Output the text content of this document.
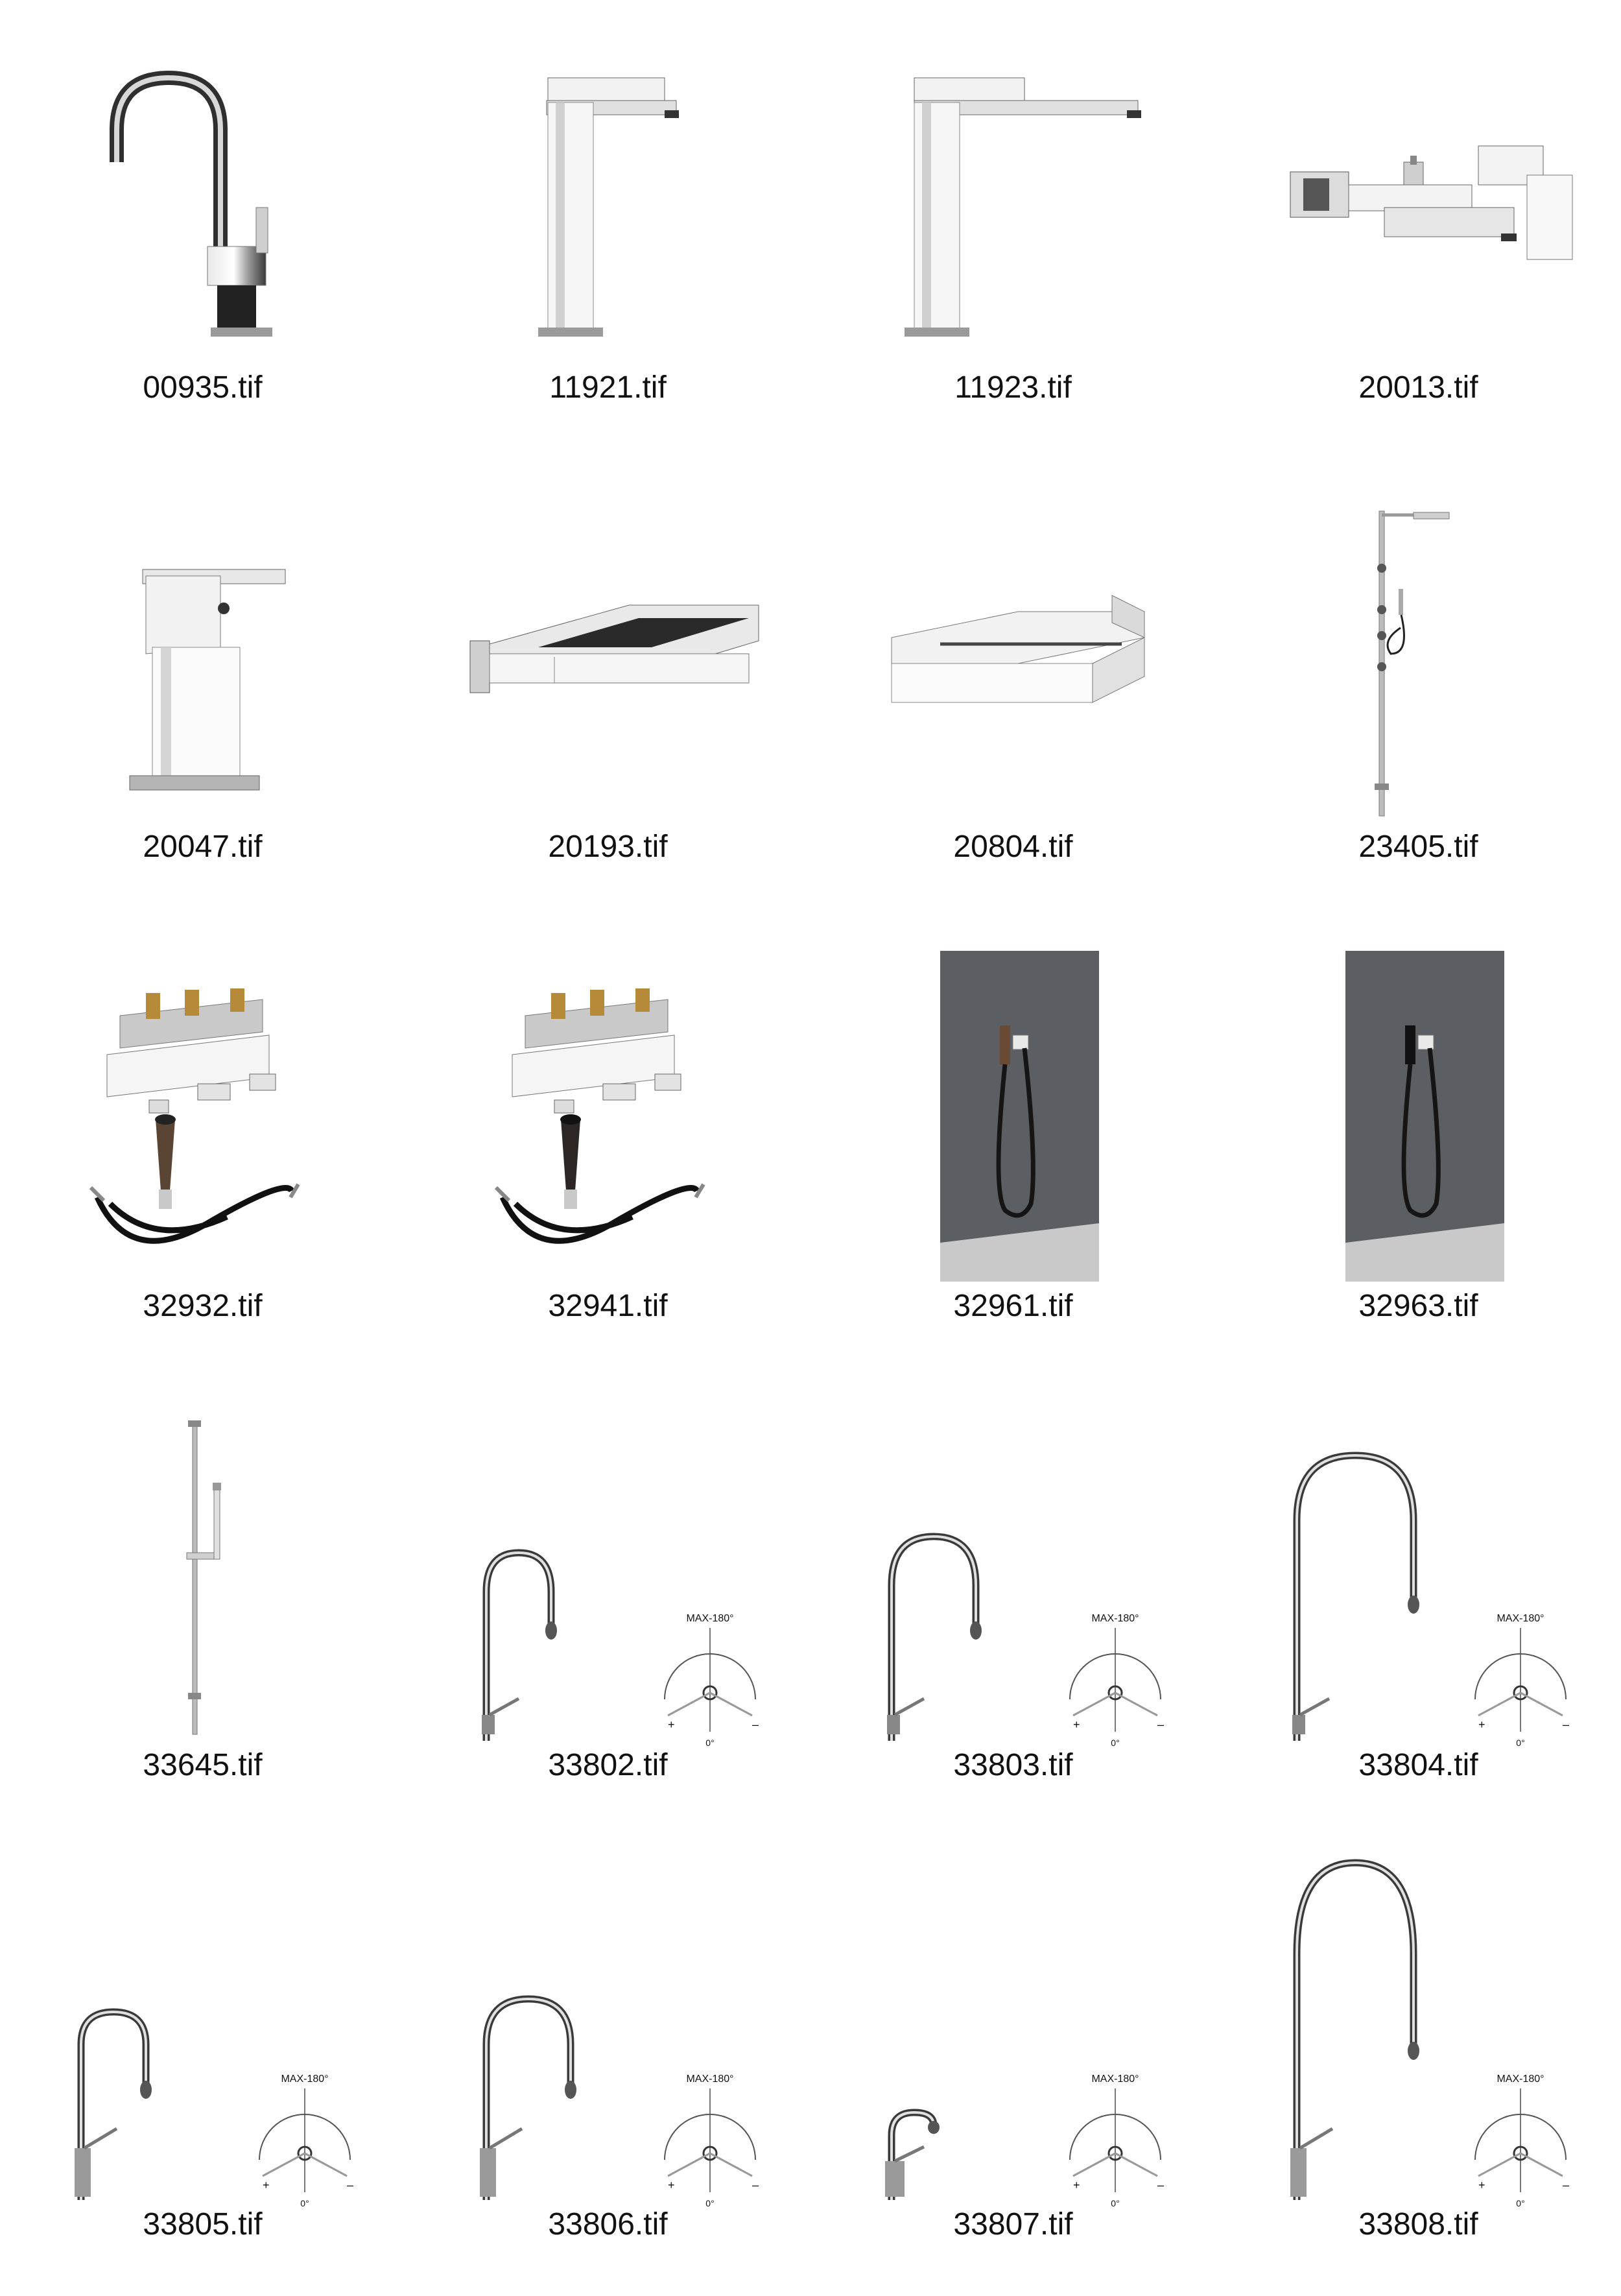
00935.tif	11921.tif	11923.tif	20013.tif
20047.tif	20193.tif	20804.tif	23405.tif
32932.tif	32941.tif	32961.tif	32963.tif
33645.tif	33802.tif	33803.tif	33804.tif
33805.tif	33806.tif	33807.tif	33808.tif
MAX-180°
+	–
0°
MAX-180°
+	–
0°
MAX-180°
+	–
0°
MAX-180°
+	–
0°
MAX-180°
+	–
0°
MAX-180°
+	–
0°
MAX-180°
+	–
0°
